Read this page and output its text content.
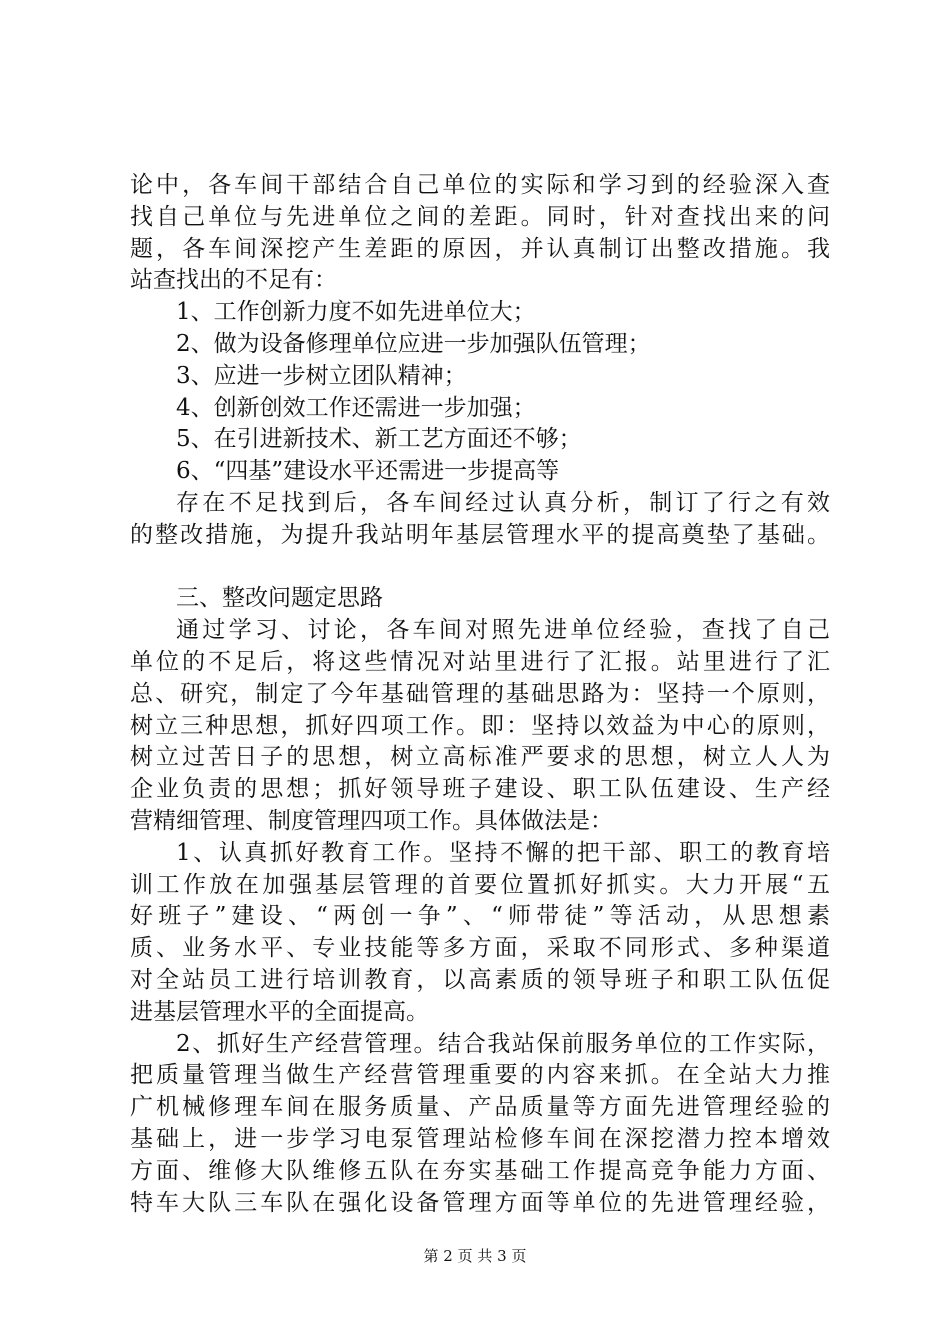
论中，各车间干部结合自己单位的实际和学习到的经验深入查
找自己单位与先进单位之间的差距。同时，针对查找出来的问
题，各车间深挖产生差距的原因，并认真制订出整改措施。我
站查找出的不足有：
1、工作创新力度不如先进单位大；
2、做为设备修理单位应进一步加强队伍管理；
3、应进一步树立团队精神；
4、创新创效工作还需进一步加强；
5、在引进新技术、新工艺方面还不够；
6、“四基”建设水平还需进一步提高等
存在不足找到后，各车间经过认真分析，制订了行之有效
的整改措施，为提升我站明年基层管理水平的提高奠垫了基础。
三、整改问题定思路
通过学习、讨论，各车间对照先进单位经验，查找了自己
单位的不足后，将这些情况对站里进行了汇报。站里进行了汇
总、研究，制定了今年基础管理的基础思路为：坚持一个原则，
树立三种思想，抓好四项工作。即：坚持以效益为中心的原则，
树立过苦日子的思想，树立高标准严要求的思想，树立人人为
企业负责的思想；抓好领导班子建设、职工队伍建设、生产经
营精细管理、制度管理四项工作。具体做法是：
1、认真抓好教育工作。坚持不懈的把干部、职工的教育培
训工作放在加强基层管理的首要位置抓好抓实。大力开展“五
好班子”建设、“两创一争”、“师带徒”等活动，从思想素
质、业务水平、专业技能等多方面，采取不同形式、多种渠道
对全站员工进行培训教育，以高素质的领导班子和职工队伍促
进基层管理水平的全面提高。
2、抓好生产经营管理。结合我站保前服务单位的工作实际，
把质量管理当做生产经营管理重要的内容来抓。在全站大力推
广机械修理车间在服务质量、产品质量等方面先进管理经验的
基础上，进一步学习电泵管理站检修车间在深挖潜力控本增效
方面、维修大队维修五队在夯实基础工作提高竞争能力方面、
特车大队三车队在强化设备管理方面等单位的先进管理经验，
第 2 页 共 3 页
